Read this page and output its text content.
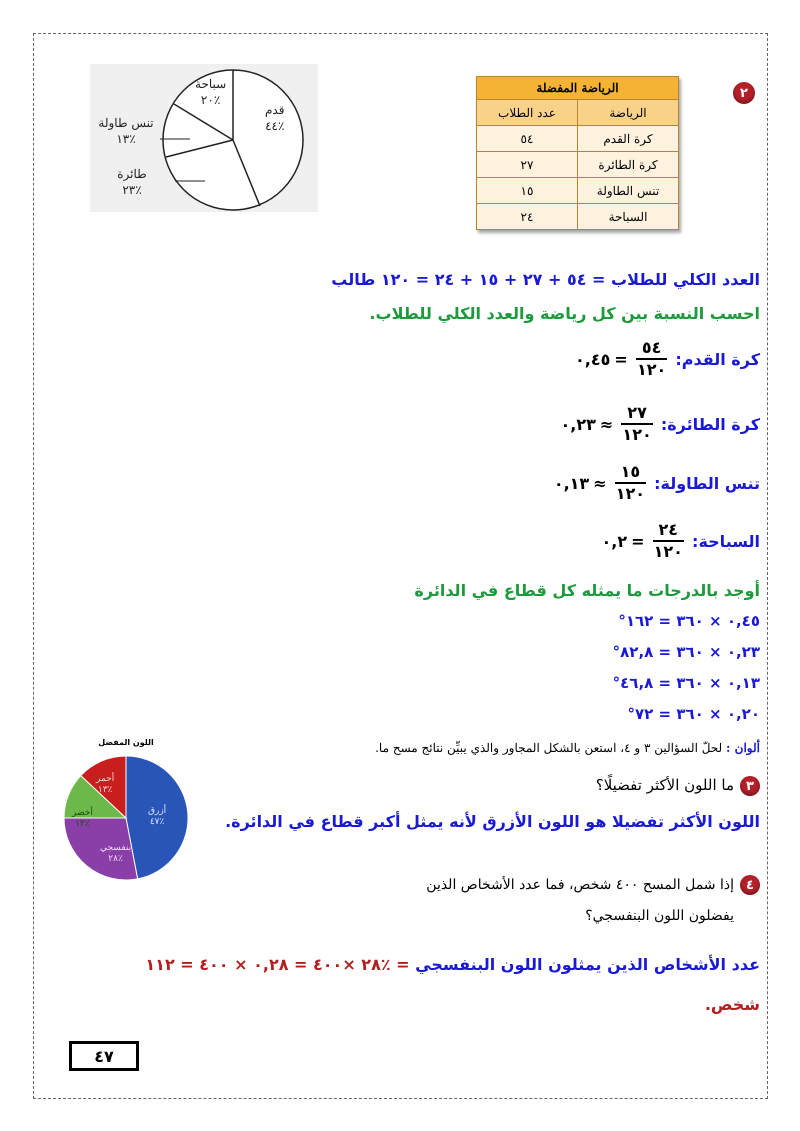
٢
الرياضة المفضلة	
الرياضة	عدد الطلاب
كرة القدم	٥٤
كرة الطائرة	٢٧
تنس الطاولة	١٥
السباحة	٢٤
قدم
٪٤٤
سباحة
٪٢٠
تنس طاولة
٪١٣
طائرة
٪٢٣
العدد الكلي للطلاب = ٥٤ + ٢٧ + ١٥ + ٢٤ = ١٢٠ طالب
احسب النسبة بين كل رياضة والعدد الكلي للطلاب.
كرة القدم:
$\frac{٥٤}{١٢٠}$
=
٠,٤٥
كرة الطائرة:
$\frac{٢٧}{١٢٠}$
≈
٠,٢٣
تنس الطاولة:
$\frac{١٥}{١٢٠}$
≈
٠,١٣
السباحة:
$\frac{٢٤}{١٢٠}$
=
٠,٢
أوجد بالدرجات ما يمثله كل قطاع في الدائرة
٠,٤٥ × ٣٦٠ = ١٦٢°
٠,٢٣ × ٣٦٠ = ٨٢,٨°
٠,١٣ × ٣٦٠ = ٤٦,٨°
٠,٢٠ × ٣٦٠ = ٧٢°
ألوان : لحلّ السؤالين ٣ و ٤، استعن بالشكل المجاور والذي يبيِّن نتائج مسح ما.
اللون المفضل
أزرق
٪٤٧
بنفسجي
٪٢٨
أخضر
٪١٢
أحمر
٪١٣	٣
ما اللون الأكثر تفضيلًا؟
اللون الأكثر تفضيلا هو اللون الأزرق لأنه يمثل أكبر قطاع في الدائرة.
٤
إذا شمل المسح ٤٠٠ شخص، فما عدد الأشخاص الذين
يفضلون اللون البنفسجي؟
عدد الأشخاص الذين يمثلون اللون البنفسجي = ٪٢٨ ×٤٠٠ = ٠,٢٨ × ٤٠٠ = ١١٢
شخص.
٤٧
